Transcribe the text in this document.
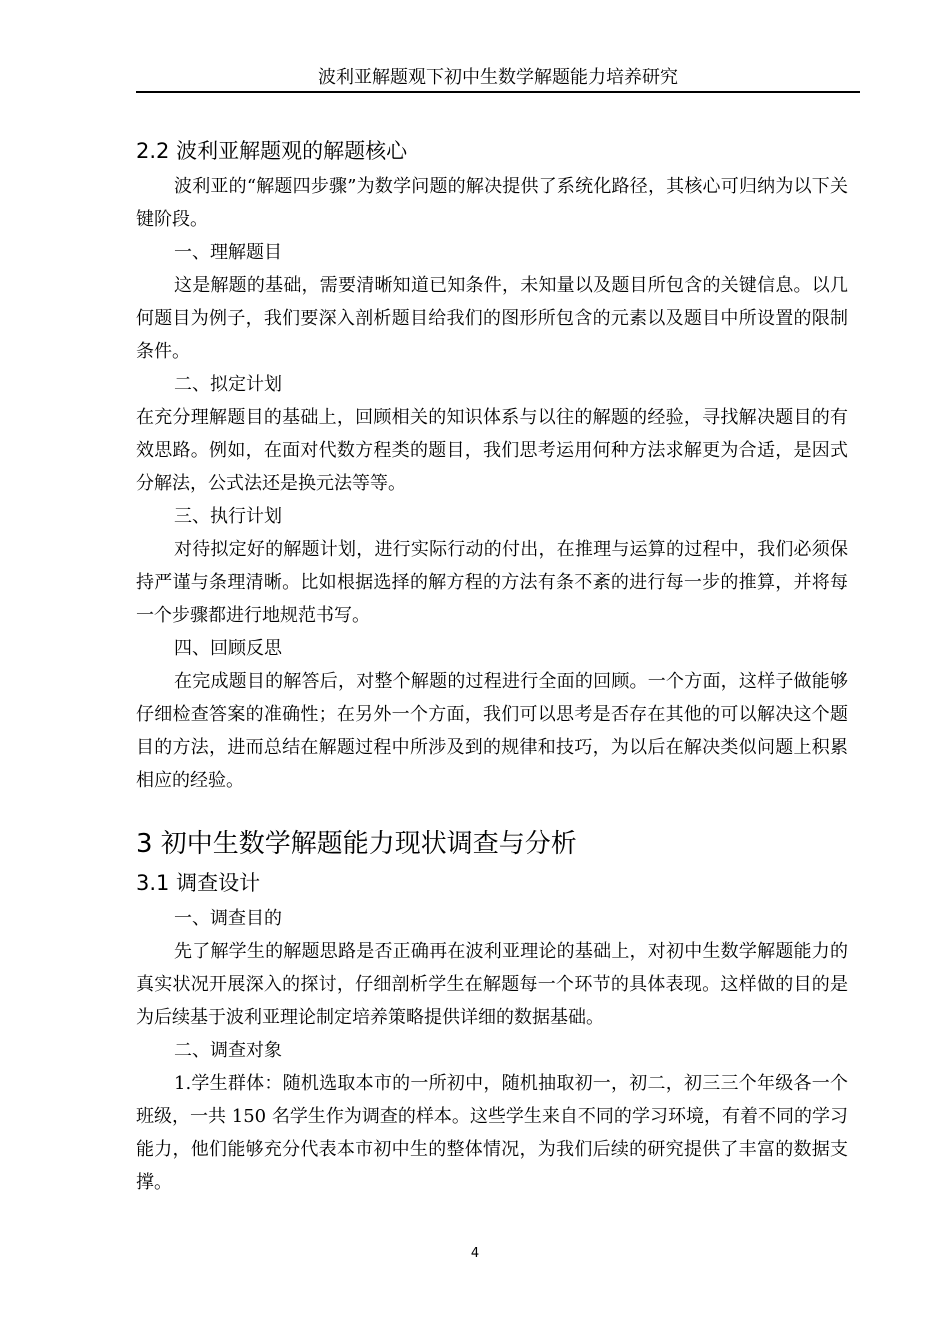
波利亚解题观下初中生数学解题能力培养研究
2.2 波利亚解题观的解题核心

波利亚的“解题四步骤”为数学问题的解决提供了系统化路径，其核心可归纳为以下关键阶段。

一、理解题目

这是解题的基础，需要清晰知道已知条件，未知量以及题目所包含的关键信息。以几何题目为例子，我们要深入剖析题目给我们的图形所包含的元素以及题目中所设置的限制条件。

二、拟定计划

在充分理解题目的基础上，回顾相关的知识体系与以往的解题的经验，寻找解决题目的有效思路。例如，在面对代数方程类的题目，我们思考运用何种方法求解更为合适，是因式分解法，公式法还是换元法等等。

三、执行计划

对待拟定好的解题计划，进行实际行动的付出，在推理与运算的过程中，我们必须保持严谨与条理清晰。比如根据选择的解方程的方法有条不紊的进行每一步的推算，并将每一个步骤都进行地规范书写。

四、回顾反思

在完成题目的解答后，对整个解题的过程进行全面的回顾。一个方面，这样子做能够仔细检查答案的准确性；在另外一个方面，我们可以思考是否存在其他的可以解决这个题目的方法，进而总结在解题过程中所涉及到的规律和技巧，为以后在解决类似问题上积累相应的经验。

3 初中生数学解题能力现状调查与分析
3.1 调查设计

一、调查目的

先了解学生的解题思路是否正确再在波利亚理论的基础上，对初中生数学解题能力的真实状况开展深入的探讨，仔细剖析学生在解题每一个环节的具体表现。这样做的目的是为后续基于波利亚理论制定培养策略提供详细的数据基础。

二、调查对象

1.学生群体：随机选取本市的一所初中，随机抽取初一，初二，初三三个年级各一个班级，一共 150 名学生作为调查的样本。这些学生来自不同的学习环境，有着不同的学习能力，他们能够充分代表本市初中生的整体情况，为我们后续的研究提供了丰富的数据支撑。

4
